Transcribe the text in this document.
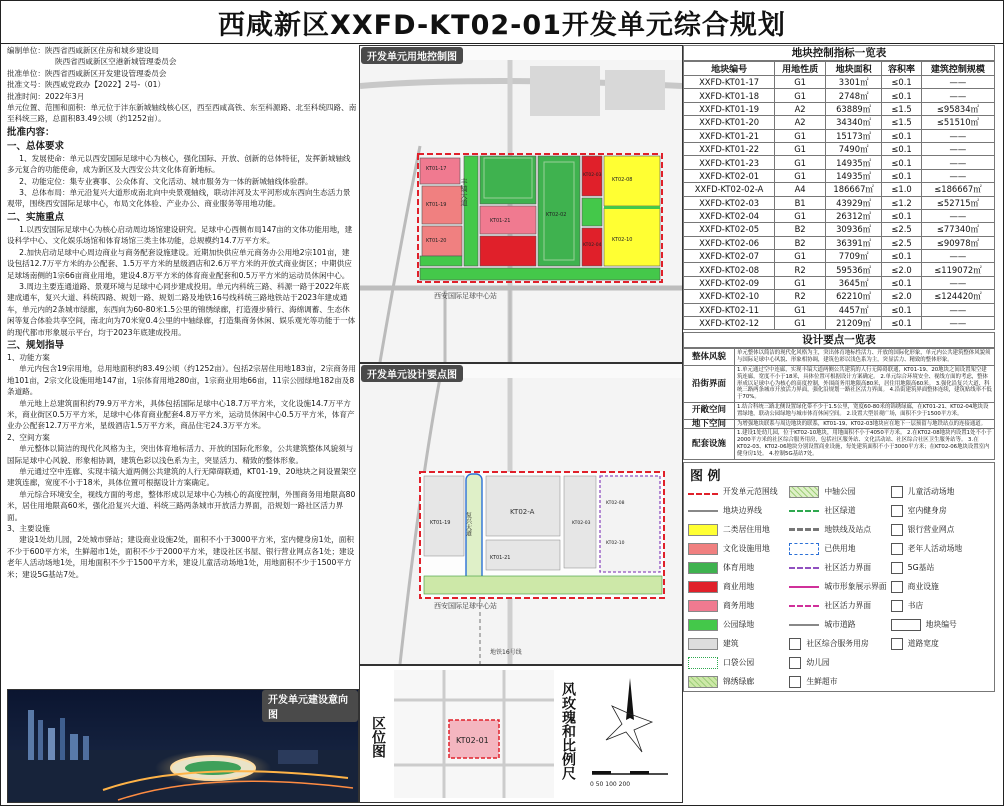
西咸新区XXFD-KT02-01开发单元综合规划

编制单位：陕西省西咸新区住房和城乡建设局

陕西省西咸新区空港新城管理委员会

批准单位：陕西省西咸新区开发建设管理委员会

批准文号：陕西咸党政办【2022】2号-（01）

批准时间：2022年3月

单元位置、范围和面积：单元位于沣东新城轴线核心区，西至西咸高铁、东至科源路、北至科统四路、南至科统三路，总面积83.49公顷（约1252亩）。

批准内容：
一、总体要求

1、发展使命：单元以西安国际足球中心为核心，强化国际、开放、创新的总体特征，发挥新城轴线多元复合的功能使命，成为新区及大西安公共文化体育新地标。

2、功能定位：集专业赛事、公众体育、文化活动、城市服务为一体的新城轴线体验群。

3、总体布局：单元沿复兴大道形成南北向中央景观轴线，联动沣河及太平河形成东西向生态活力景观带，围绕西安国际足球中心，布局文化体验、产业办公、商业服务等用地功能。

二、实施重点

1.以西安国际足球中心为核心启动周边场馆建设研究。足球中心西侧布局147亩的文体功能用地，建设科学中心、文化娱乐场馆和体育场馆三类主体功能，总规模约14.7万平方米。

2.加快启动足球中心周边商业与商务配套设施建设。近期加快供应单元商务办公用地2宗101亩，建设包括12.7万平方米的办公配套、1.5万平方米的星级酒店和2.6万平方米的开放式商业街区；中期供应足球场南侧的1宗66亩商业用地，建设4.8万平方米的体育商业配套和0.5万平方米的运动员休闲中心。

3.周边主要连通道路、景观环境与足球中心同步建成投用。单元内科统三路、科源一路于2022年底建成通车，复兴大道、科统四路、规划一路、规划二路及地铁16号线科统三路地铁站于2023年建成通车，单元内的2条城市绿廊，东西向为60-80米1.5公里的锦绣绿廊，打造漫步骑行、海绵调蓄、生态休闲等复合体验共享空间，南北向为70米宽0.4公里的中轴绿廊，打造集商务休闲、娱乐观光等功能于一体的现代都市形象展示平台，均于2023年底建成投用。

三、规划指导

1、功能方案

单元内包含19宗用地，总用地面积约83.49公顷（约1252亩）。包括2宗居住用地183亩，2宗商务用地101亩，2宗文化设施用地147亩，1宗体育用地280亩，1宗商业用地66亩，11宗公园绿地182亩及8条道路。

单元地上总建筑面积约79.9万平方米，具体包括国际足球中心18.7万平方米，文化设施14.7万平方米，商业街区0.5万平方米，足球中心体育商业配套4.8万平方米，运动员休闲中心0.5万平方米，体育产业办公配套12.7万平方米，星级酒店1.5万平方米，商品住宅24.3万平方米。

2、空间方案

单元整体以简洁的现代化风格为主，突出体育地标活力、开放的国际化形象，公共建筑整体风貌须与国际足球中心风貌、形象相协调，建筑色彩以浅色系为主，突显活力、精致的整体形象。

单元通过空中连廊、实现丰镐大道两侧公共建筑的人行无障碍联通，KT01-19、20地块之间设置架空建筑连廊，宽度不小于18米，具体位置可根据设计方案确定。

单元综合环境安全，视线方面的考虑，整体形成以足球中心为核心的高度控制，外围商务用地限高80米，居住用地限高60米，强化沿复兴大道、科统三路两条城市开放活力界面，沿规划一路社区活力界面。

3、主要设施

建设1处幼儿园，2处城市驿站；建设商业设施2处，面积不小于3000平方米，室内健身房1处，面积不少于600平方米，生鲜超市1处，面积不少于2000平方米，建设社区书屋、银行营业网点各1处；建设老年人活动场地1处，用地面积不少于1500平方米，建设儿童活动场地1处，用地面积不少于1500平方米；建设5G基站7处。

开发单元建设意向图
开发单元用地控制图
西安国际足球中心站
KT01-17
KT01-19
KT01-20
KT01-21
KT02-02
KT02-03
KT02-04
KT02-08
KT02-10
丰镐大道
开发单元设计要点图
KT02-A
KT01-19
KT01-21
KT02-03
KT02-08
KT02-10
复兴大道
西安国际足球中心站
地铁16号线
区位图	KT02-01	风玫瑰和比例尺
0 50 100 200
地块控制指标一览表
地块编号	用地性质	地块面积	容积率	建筑控制规模
XXFD-KT01-17	G1	3301㎡	≤0.1	——
XXFD-KT01-18	G1	2748㎡	≤0.1	——
XXFD-KT01-19	A2	63889㎡	≤1.5	≤95834㎡
XXFD-KT01-20	A2	34340㎡	≤1.5	≤51510㎡
XXFD-KT01-21	G1	15173㎡	≤0.1	——
XXFD-KT01-22	G1	7490㎡	≤0.1	——
XXFD-KT01-23	G1	14935㎡	≤0.1	——
XXFD-KT02-01	G1	14935㎡	≤0.1	——
XXFD-KT02-02-A	A4	186667㎡	≤1.0	≤186667㎡
XXFD-KT02-03	B1	43929㎡	≤1.2	≤52715㎡
XXFD-KT02-04	G1	26312㎡	≤0.1	——
XXFD-KT02-05	B2	30936㎡	≤2.5	≤77340㎡
XXFD-KT02-06	B2	36391㎡	≤2.5	≤90978㎡
XXFD-KT02-07	G1	7709㎡	≤0.1	——
XXFD-KT02-08	R2	59536㎡	≤2.0	≤119072㎡
XXFD-KT02-09	G1	3645㎡	≤0.1	——
XXFD-KT02-10	R2	62210㎡	≤2.0	≤124420㎡
XXFD-KT02-11	G1	4457㎡	≤0.1	——
XXFD-KT02-12	G1	21209㎡	≤0.1	——
设计要点一览表
整体风貌	单元整体以简洁的现代化风格为主，突出体育地标性活力、开放的国际化形象，单元内公共建筑整体风貌须与国际足球中心风貌、形象相协调，建筑色彩以浅色系为主，突显活力、精致的整体形象。
沿街界面	1.单元通过空中连廊，实现丰镐大道两侧公共建筑的人行无障碍联通，KT01-19、20地块之间设置架空建筑连廊，宽度不小于18米，具体位置可根据设计方案确定。 2.单元综合环境安全、视线方面的考虑，整体形成以足球中心为核心的高度控制，外围商务用地限高80米，居住用地限高60米。 3.强化沿复兴大道、科统三路两条城市开放活力界面，强化沿规划一路社区活力界面。 4.沿街建筑界面整体连续，建筑贴线率不低于70%。
开敞空间	1.结合科统三路北侧设置绿化带不少于1.5公里，宽度60-80米的锦绣绿廊，在KT01-21、KT02-04地块设置绿地，联动公园绿地与城市体育休闲空间。 2.设置大型景观广场，面积不少于1500平方米。
地下空间	为增强地块联系与周边地块的联系，KT01-19、KT02-03地块应在地下一层预留与地铁站点的连接通道。
配套设施	1.建设1处幼儿园，位于KT02-10地块，用地面积不小于4050平方米。 2.在KT02-08地块内设置1处不小于2000平方米的社区综合服务用房，包括社区服务站、文化活动站、社区综合社区卫生服务站等。 3.在KT02-03、KT02-06地块分别设置商业设施，每处建筑面积不小于3000平方米；在KT02-06地块设置室内健身房1处。 4.控制5G基站7处。
图 例
开发单元范围线	中轴公园	儿童活动场地
地块边界线	社区绿道	室内健身房
二类居住用地	地铁线及站点	银行营业网点
文化设施用地	已供用地	老年人活动场地
体育用地	社区活力界面	5G基站
商业用地	城市形象展示界面	商业设施
商务用地	社区活力界面	书店
公园绿地	城市道路	地块编号
建筑	社区综合服务用房	道路宽度
口袋公园	幼儿园
锦绣绿廊	生鲜超市
